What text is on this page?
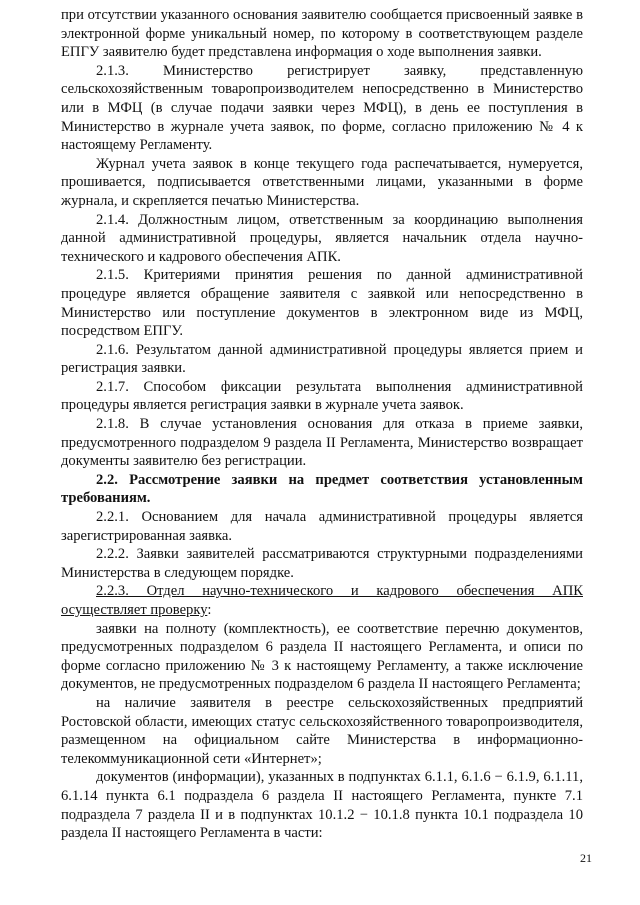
при отсутствии указанного основания заявителю сообщается присвоенный заявке в электронной форме уникальный номер, по которому в соответствующем разделе ЕПГУ заявителю будет представлена информация о ходе выполнения заявки.

2.1.3. Министерство регистрирует заявку, представленную сельскохозяйственным товаропроизводителем непосредственно в Министерство или в МФЦ (в случае подачи заявки через МФЦ), в день ее поступления в Министерство в журнале учета заявок, по форме, согласно приложению № 4 к настоящему Регламенту.

Журнал учета заявок в конце текущего года распечатывается, нумеруется, прошивается, подписывается ответственными лицами, указанными в форме журнала, и скрепляется печатью Министерства.

2.1.4. Должностным лицом, ответственным за координацию выполнения данной административной процедуры, является начальник отдела научно-технического и кадрового обеспечения АПК.

2.1.5. Критериями принятия решения по данной административной процедуре является обращение заявителя с заявкой или непосредственно в Министерство или поступление документов в электронном виде из МФЦ, посредством ЕПГУ.

2.1.6. Результатом данной административной процедуры является прием и регистрация заявки.

2.1.7. Способом фиксации результата выполнения административной процедуры является регистрация заявки в журнале учета заявок.

2.1.8. В случае установления основания для отказа в приеме заявки, предусмотренного подразделом 9 раздела II Регламента, Министерство возвращает документы заявителю без регистрации.

2.2. Рассмотрение заявки на предмет соответствия установленным требованиям.

2.2.1. Основанием для начала административной процедуры является зарегистрированная заявка.

2.2.2. Заявки заявителей рассматриваются структурными подразделениями Министерства в следующем порядке.

2.2.3. Отдел научно-технического и кадрового обеспечения АПК осуществляет проверку:

заявки на полноту (комплектность), ее соответствие перечню документов, предусмотренных подразделом 6 раздела II настоящего Регламента, и описи по форме согласно приложению № 3 к настоящему Регламенту, а также исключение документов, не предусмотренных подразделом 6 раздела II настоящего Регламента;

на наличие заявителя в реестре сельскохозяйственных предприятий Ростовской области, имеющих статус сельскохозяйственного товаропроизводителя, размещенном на официальном сайте Министерства в информационно-телекоммуникационной сети «Интернет»;

документов (информации), указанных в подпунктах 6.1.1, 6.1.6 − 6.1.9, 6.1.11, 6.1.14 пункта 6.1 подраздела 6 раздела II настоящего Регламента, пункте 7.1 подраздела 7 раздела II и в подпунктах 10.1.2 − 10.1.8 пункта 10.1 подраздела 10 раздела II настоящего Регламента в части:

21
